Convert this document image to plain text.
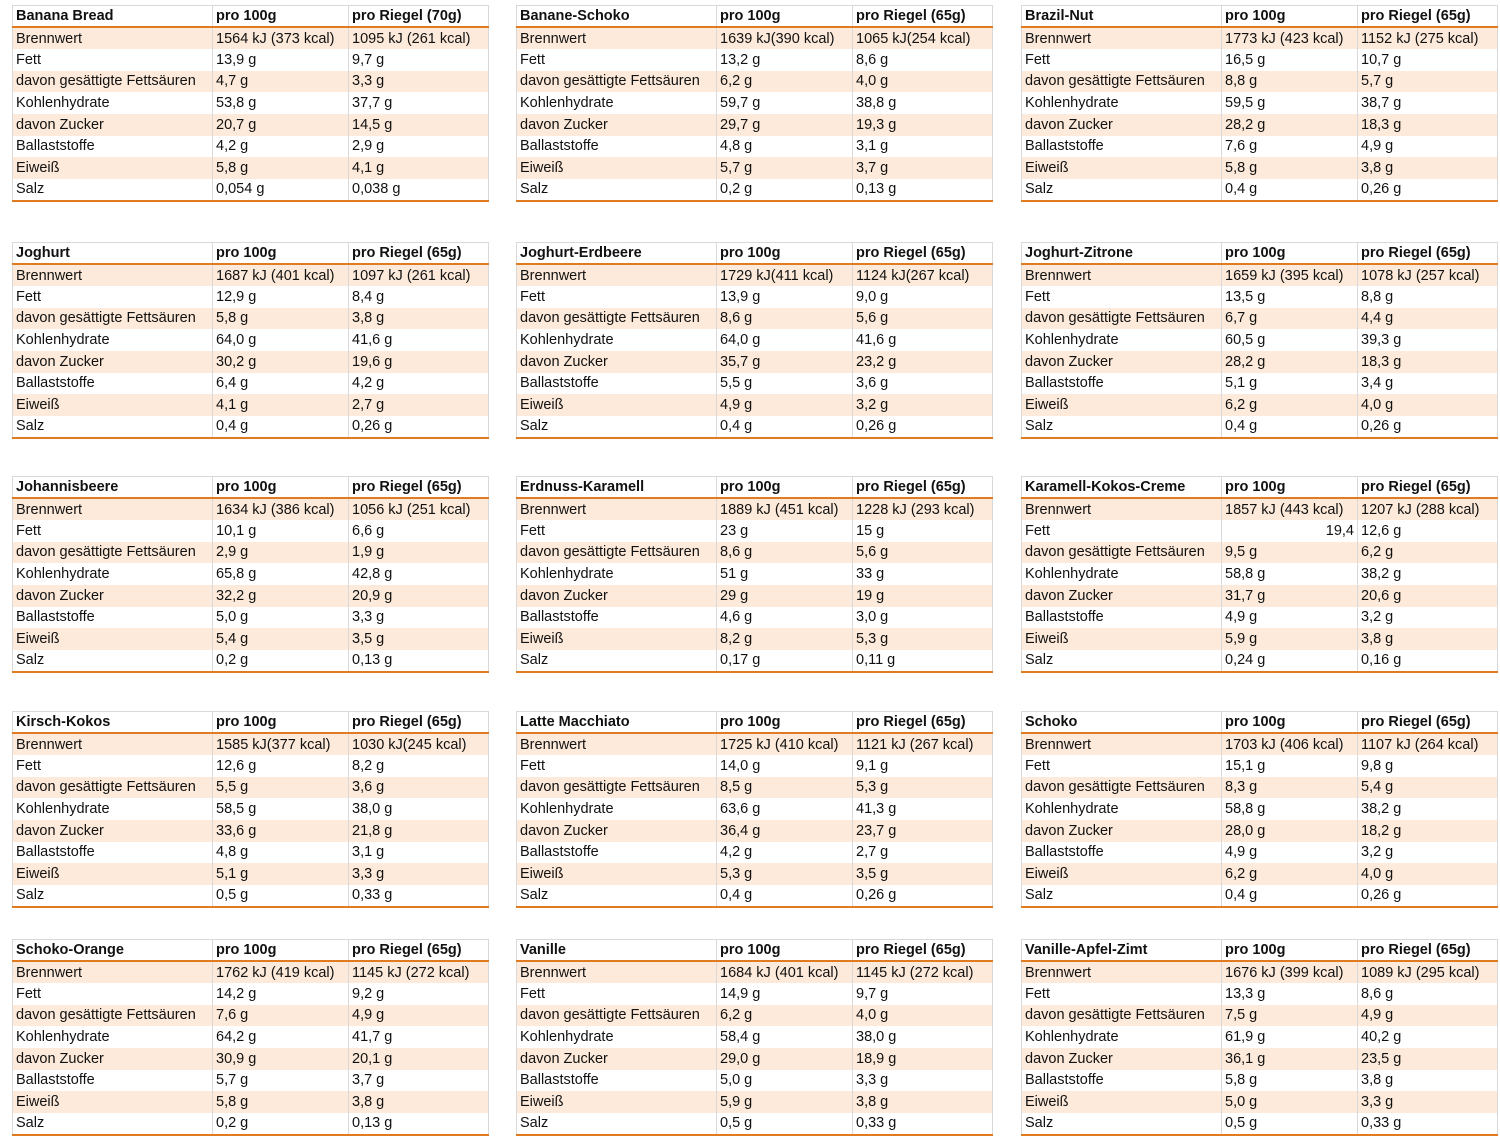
Banana Bread	pro 100g	pro Riegel (70g)
Brennwert	1564 kJ (373 kcal)	1095 kJ (261 kcal)
Fett	13,9 g	9,7 g
davon gesättigte Fettsäuren	4,7 g	3,3 g
Kohlenhydrate	53,8 g	37,7 g
davon Zucker	20,7 g	14,5 g
Ballaststoffe	4,2 g	2,9 g
Eiweiß	5,8 g	4,1 g
Salz	0,054 g	0,038 g
Banane-Schoko	pro 100g	pro Riegel (65g)
Brennwert	1639 kJ(390 kcal)	1065 kJ(254 kcal)
Fett	13,2 g	8,6 g
davon gesättigte Fettsäuren	6,2 g	4,0 g
Kohlenhydrate	59,7 g	38,8 g
davon Zucker	29,7 g	19,3 g
Ballaststoffe	4,8 g	3,1 g
Eiweiß	5,7 g	3,7 g
Salz	0,2 g	0,13 g
Brazil-Nut	pro 100g	pro Riegel (65g)
Brennwert	1773 kJ (423 kcal)	1152 kJ (275 kcal)
Fett	16,5 g	10,7 g
davon gesättigte Fettsäuren	8,8 g	5,7 g
Kohlenhydrate	59,5 g	38,7 g
davon Zucker	28,2 g	18,3 g
Ballaststoffe	7,6 g	4,9 g
Eiweiß	5,8 g	3,8 g
Salz	0,4 g	0,26 g
Joghurt	pro 100g	pro Riegel (65g)
Brennwert	1687 kJ (401 kcal)	1097 kJ (261 kcal)
Fett	12,9 g	8,4 g
davon gesättigte Fettsäuren	5,8 g	3,8 g
Kohlenhydrate	64,0 g	41,6 g
davon Zucker	30,2 g	19,6 g
Ballaststoffe	6,4 g	4,2 g
Eiweiß	4,1 g	2,7 g
Salz	0,4 g	0,26 g
Joghurt-Erdbeere	pro 100g	pro Riegel (65g)
Brennwert	1729 kJ(411 kcal)	1124 kJ(267 kcal)
Fett	13,9 g	9,0 g
davon gesättigte Fettsäuren	8,6 g	5,6 g
Kohlenhydrate	64,0 g	41,6 g
davon Zucker	35,7 g	23,2 g
Ballaststoffe	5,5 g	3,6 g
Eiweiß	4,9 g	3,2 g
Salz	0,4 g	0,26 g
Joghurt-Zitrone	pro 100g	pro Riegel (65g)
Brennwert	1659 kJ (395 kcal)	1078 kJ (257 kcal)
Fett	13,5 g	8,8 g
davon gesättigte Fettsäuren	6,7 g	4,4 g
Kohlenhydrate	60,5 g	39,3 g
davon Zucker	28,2 g	18,3 g
Ballaststoffe	5,1 g	3,4 g
Eiweiß	6,2 g	4,0 g
Salz	0,4 g	0,26 g
Johannisbeere	pro 100g	pro Riegel (65g)
Brennwert	1634 kJ (386 kcal)	1056 kJ (251 kcal)
Fett	10,1 g	6,6 g
davon gesättigte Fettsäuren	2,9 g	1,9 g
Kohlenhydrate	65,8 g	42,8 g
davon Zucker	32,2 g	20,9 g
Ballaststoffe	5,0 g	3,3 g
Eiweiß	5,4 g	3,5 g
Salz	0,2 g	0,13 g
Erdnuss-Karamell	pro 100g	pro Riegel (65g)
Brennwert	1889 kJ (451 kcal)	1228 kJ (293 kcal)
Fett	23 g	15 g
davon gesättigte Fettsäuren	8,6 g	5,6 g
Kohlenhydrate	51 g	33 g
davon Zucker	29 g	19 g
Ballaststoffe	4,6 g	3,0 g
Eiweiß	8,2 g	5,3 g
Salz	0,17 g	0,11 g
Karamell-Kokos-Creme	pro 100g	pro Riegel (65g)
Brennwert	1857 kJ (443 kcal)	1207 kJ (288 kcal)
Fett	19,4	12,6 g
davon gesättigte Fettsäuren	9,5 g	6,2 g
Kohlenhydrate	58,8 g	38,2 g
davon Zucker	31,7 g	20,6 g
Ballaststoffe	4,9 g	3,2 g
Eiweiß	5,9 g	3,8 g
Salz	0,24 g	0,16 g
Kirsch-Kokos	pro 100g	pro Riegel (65g)
Brennwert	1585 kJ(377 kcal)	1030 kJ(245 kcal)
Fett	12,6 g	8,2 g
davon gesättigte Fettsäuren	5,5 g	3,6 g
Kohlenhydrate	58,5 g	38,0 g
davon Zucker	33,6 g	21,8 g
Ballaststoffe	4,8 g	3,1 g
Eiweiß	5,1 g	3,3 g
Salz	0,5 g	0,33 g
Latte Macchiato	pro 100g	pro Riegel (65g)
Brennwert	1725 kJ (410 kcal)	1121 kJ (267 kcal)
Fett	14,0 g	9,1 g
davon gesättigte Fettsäuren	8,5 g	5,3 g
Kohlenhydrate	63,6 g	41,3 g
davon Zucker	36,4 g	23,7 g
Ballaststoffe	4,2 g	2,7 g
Eiweiß	5,3 g	3,5 g
Salz	0,4 g	0,26 g
Schoko	pro 100g	pro Riegel (65g)
Brennwert	1703 kJ (406 kcal)	1107 kJ (264 kcal)
Fett	15,1 g	9,8 g
davon gesättigte Fettsäuren	8,3 g	5,4 g
Kohlenhydrate	58,8 g	38,2 g
davon Zucker	28,0 g	18,2 g
Ballaststoffe	4,9 g	3,2 g
Eiweiß	6,2 g	4,0 g
Salz	0,4 g	0,26 g
Schoko-Orange	pro 100g	pro Riegel (65g)
Brennwert	1762 kJ (419 kcal)	1145 kJ (272 kcal)
Fett	14,2 g	9,2 g
davon gesättigte Fettsäuren	7,6 g	4,9 g
Kohlenhydrate	64,2 g	41,7 g
davon Zucker	30,9 g	20,1 g
Ballaststoffe	5,7 g	3,7 g
Eiweiß	5,8 g	3,8 g
Salz	0,2 g	0,13 g
Vanille	pro 100g	pro Riegel (65g)
Brennwert	1684 kJ (401 kcal)	1145 kJ (272 kcal)
Fett	14,9 g	9,7 g
davon gesättigte Fettsäuren	6,2 g	4,0 g
Kohlenhydrate	58,4 g	38,0 g
davon Zucker	29,0 g	18,9 g
Ballaststoffe	5,0 g	3,3 g
Eiweiß	5,9 g	3,8 g
Salz	0,5 g	0,33 g
Vanille-Apfel-Zimt	pro 100g	pro Riegel (65g)
Brennwert	1676 kJ (399 kcal)	1089 kJ (295 kcal)
Fett	13,3 g	8,6 g
davon gesättigte Fettsäuren	7,5 g	4,9 g
Kohlenhydrate	61,9 g	40,2 g
davon Zucker	36,1 g	23,5 g
Ballaststoffe	5,8 g	3,8 g
Eiweiß	5,0 g	3,3 g
Salz	0,5 g	0,33 g
